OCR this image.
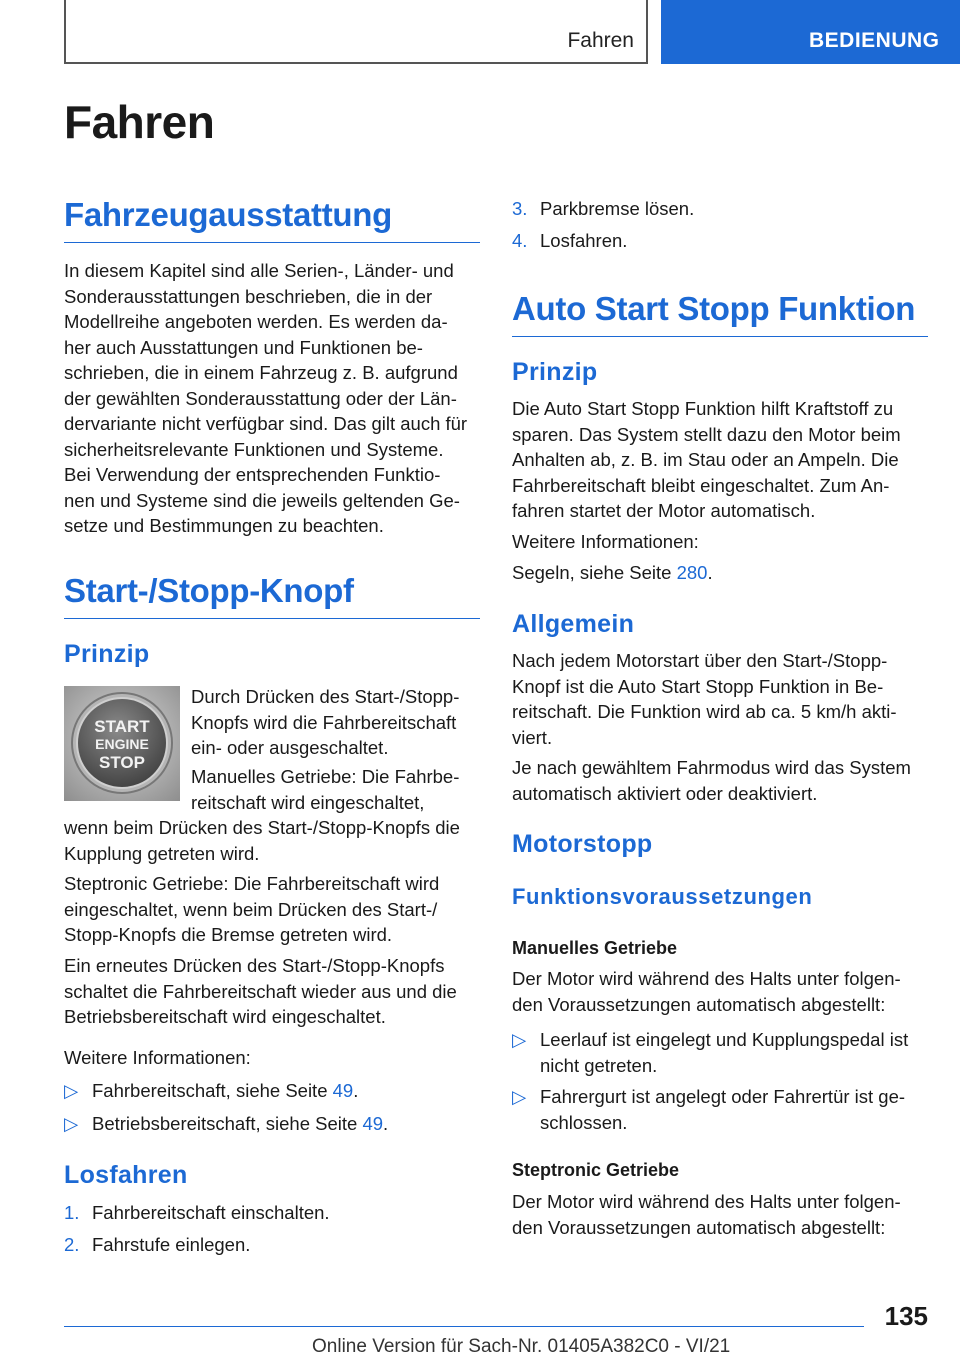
Fahren	BEDIENUNG
Fahren
Fahrzeugausstattung
In diesem Kapitel sind alle Serien-, Länder- und
Sonderausstattungen beschrieben, die in der
Modellreihe angeboten werden. Es werden da-
her auch Ausstattungen und Funktionen be-
schrieben, die in einem Fahrzeug z. B. aufgrund
der gewählten Sonderausstattung oder der Län-
dervariante nicht verfügbar sind. Das gilt auch für
sicherheitsrelevante Funktionen und Systeme.
Bei Verwendung der entsprechenden Funktio-
nen und Systeme sind die jeweils geltenden Ge-
setze und Bestimmungen zu beachten.
Start-/Stopp-Knopf
Prinzip
START
ENGINE
STOP
Durch Drücken des Start-/Stopp-
Knopfs wird die Fahrbereitschaft
ein- oder ausgeschaltet.
Manuelles Getriebe: Die Fahrbe-
reitschaft wird eingeschaltet,
wenn beim Drücken des Start-/Stopp-Knopfs die
Kupplung getreten wird.
Steptronic Getriebe: Die Fahrbereitschaft wird
eingeschaltet, wenn beim Drücken des Start-/
Stopp-Knopfs die Bremse getreten wird.
Ein erneutes Drücken des Start-/Stopp-Knopfs
schaltet die Fahrbereitschaft wieder aus und die
Betriebsbereitschaft wird eingeschaltet.
Weitere Informationen:
▷ Fahrbereitschaft, siehe Seite 49.
▷ Betriebsbereitschaft, siehe Seite 49.
Losfahren
1. Fahrbereitschaft einschalten.
2. Fahrstufe einlegen.
3. Parkbremse lösen.
4. Losfahren.
Auto Start Stopp Funktion
Prinzip
Die Auto Start Stopp Funktion hilft Kraftstoff zu
sparen. Das System stellt dazu den Motor beim
Anhalten ab, z. B. im Stau oder an Ampeln. Die
Fahrbereitschaft bleibt eingeschaltet. Zum An-
fahren startet der Motor automatisch.
Weitere Informationen:
Segeln, siehe Seite 280.
Allgemein
Nach jedem Motorstart über den Start-/Stopp-
Knopf ist die Auto Start Stopp Funktion in Be-
reitschaft. Die Funktion wird ab ca. 5 km/h akti-
viert.
Je nach gewähltem Fahrmodus wird das System
automatisch aktiviert oder deaktiviert.
Motorstopp
Funktionsvoraussetzungen
Manuelles Getriebe
Der Motor wird während des Halts unter folgen-
den Voraussetzungen automatisch abgestellt:
▷ Leerlauf ist eingelegt und Kupplungspedal ist
nicht getreten.
▷ Fahrergurt ist angelegt oder Fahrertür ist ge-
schlossen.
Steptronic Getriebe
Der Motor wird während des Halts unter folgen-
den Voraussetzungen automatisch abgestellt:
135
Online Version für Sach-Nr. 01405A382C0 - VI/21
